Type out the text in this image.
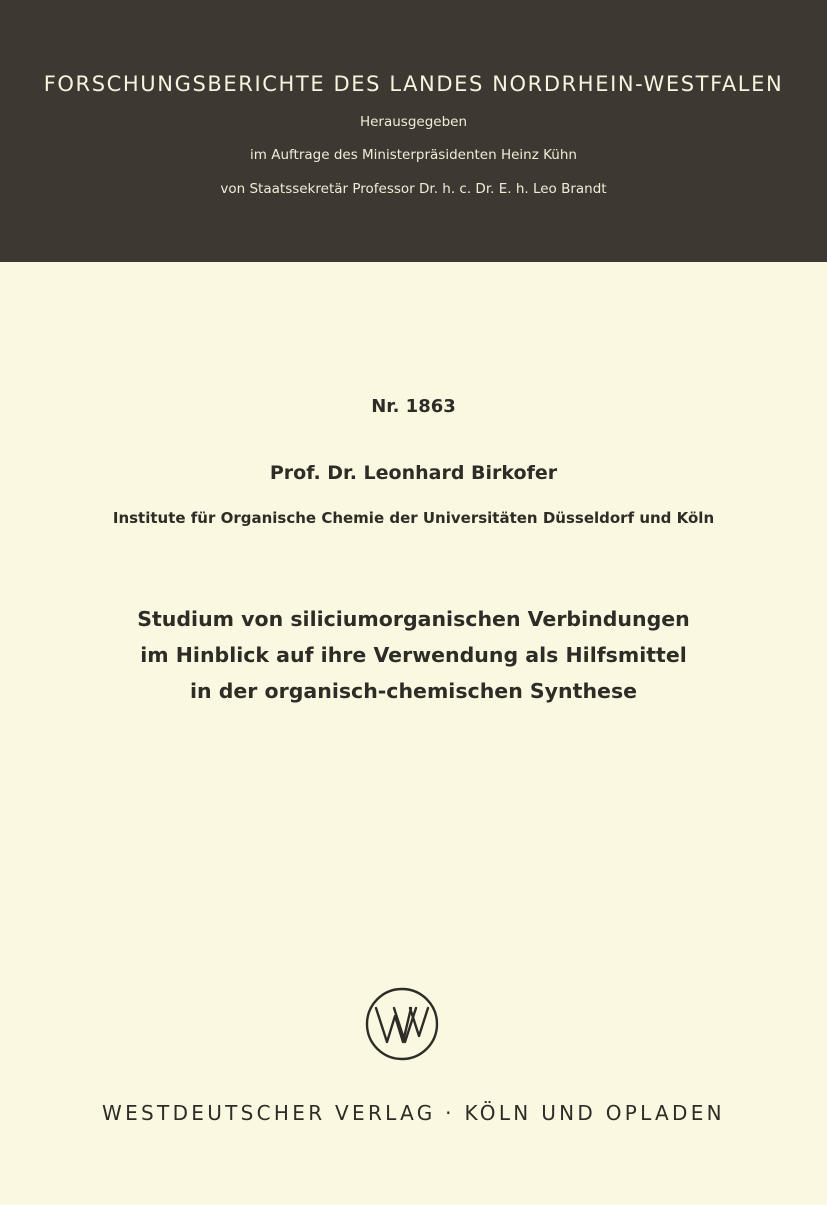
FORSCHUNGSBERICHTE DES LANDES NORDRHEIN-WESTFALEN
Herausgegeben
im Auftrage des Ministerpräsidenten Heinz Kühn
von Staatssekretär Professor Dr. h. c. Dr. E. h. Leo Brandt
Nr. 1863
Prof. Dr. Leonhard Birkofer
Institute für Organische Chemie der Universitäten Düsseldorf und Köln
Studium von siliciumorganischen Verbindungen
im Hinblick auf ihre Verwendung als Hilfsmittel
in der organisch-chemischen Synthese
WESTDEUTSCHER VERLAG · KÖLN UND OPLADEN
